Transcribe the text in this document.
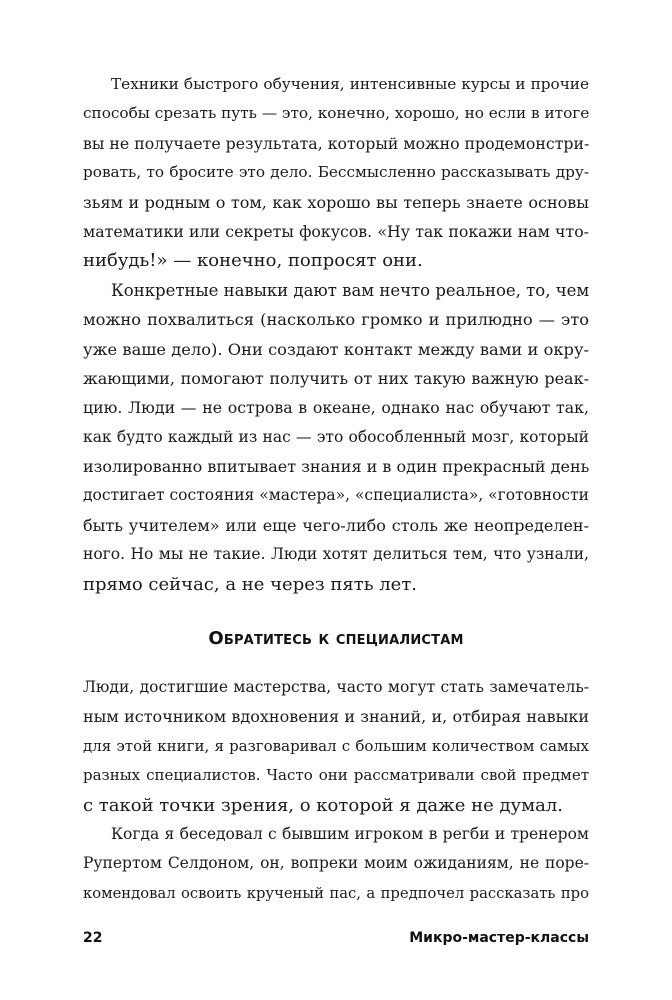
Техники быстрого обучения, интенсивные курсы и прочие
способы срезать путь — это, конечно, хорошо, но если в итоге
вы не получаете результата, который можно продемонстри-
ровать, то бросите это дело. Бессмысленно рассказывать дру-
зьям и родным о том, как хорошо вы теперь знаете основы
математики или секреты фокусов. «Ну так покажи нам что-
нибудь!» — конечно, попросят они.
Конкретные навыки дают вам нечто реальное, то, чем
можно похвалиться (насколько громко и прилюдно — это
уже ваше дело). Они создают контакт между вами и окру-
жающими, помогают получить от них такую важную реак-
цию. Люди — не острова в океане, однако нас обучают так,
как будто каждый из нас — это обособленный мозг, который
изолированно впитывает знания и в один прекрасный день
достигает состояния «мастера», «специалиста», «готовности
быть учителем» или еще чего-либо столь же неопределен-
ного. Но мы не такие. Люди хотят делиться тем, что узнали,
прямо сейчас, а не через пять лет.
Обратитесь к специалистам
Люди, достигшие мастерства, часто могут стать замечатель-
ным источником вдохновения и знаний, и, отбирая навыки
для этой книги, я разговаривал с большим количеством самых
разных специалистов. Часто они рассматривали свой предмет
с такой точки зрения, о которой я даже не думал.
Когда я беседовал с бывшим игроком в регби и тренером
Рупертом Селдоном, он, вопреки моим ожиданиям, не поре-
комендовал освоить крученый пас, а предпочел рассказать про
22	Микро-мастер-классы
